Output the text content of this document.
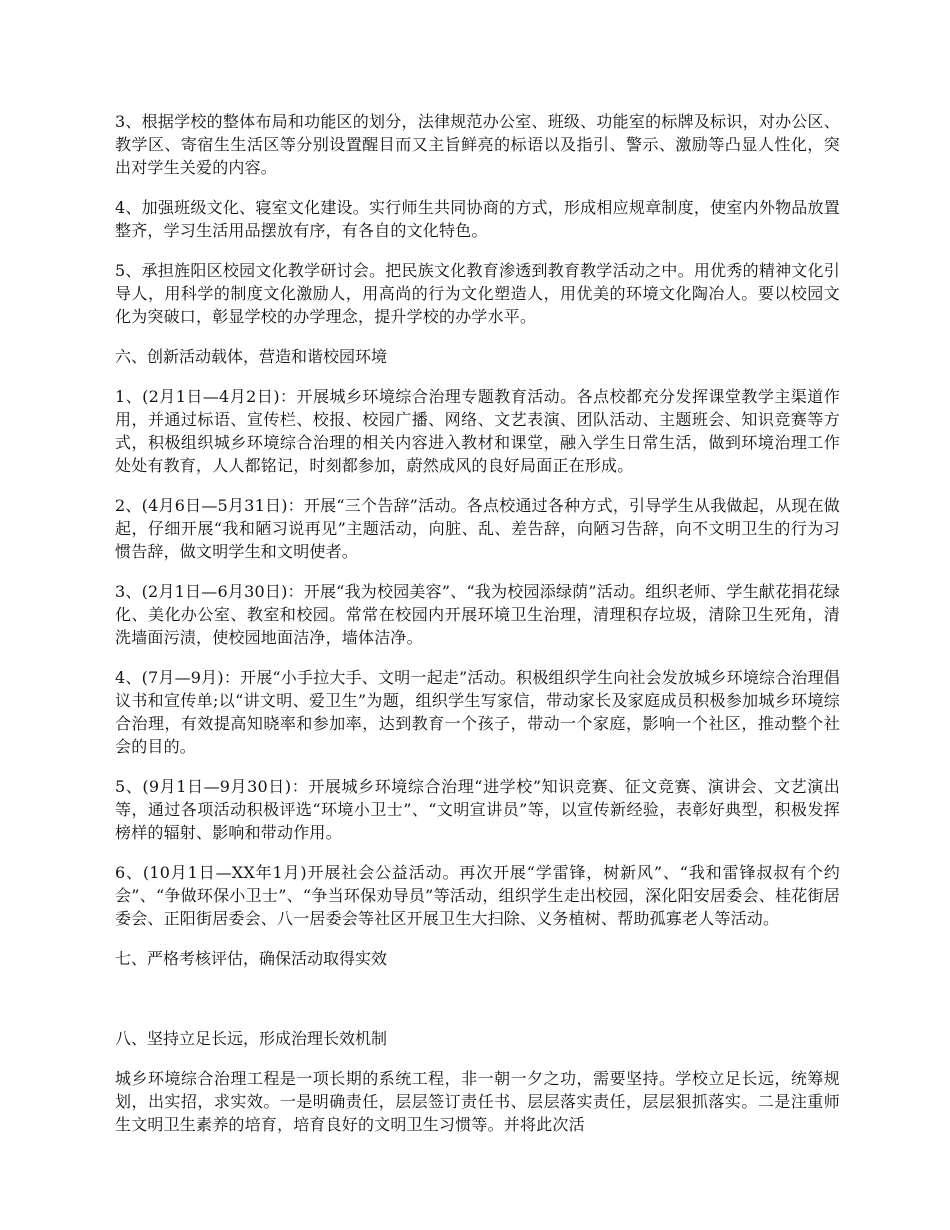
3、根据学校的整体布局和功能区的划分，法律规范办公室、班级、功能室的标牌及标识，对办公区、教学区、寄宿生生活区等分别设置醒目而又主旨鲜亮的标语以及指引、警示、激励等凸显人性化，突出对学生关爱的内容。

4、加强班级文化、寝室文化建设。实行师生共同协商的方式，形成相应规章制度，使室内外物品放置整齐，学习生活用品摆放有序，有各自的文化特色。

5、承担旌阳区校园文化教学研讨会。把民族文化教育渗透到教育教学活动之中。用优秀的精神文化引导人，用科学的制度文化激励人，用高尚的行为文化塑造人，用优美的环境文化陶冶人。要以校园文化为突破口，彰显学校的办学理念，提升学校的办学水平。

六、创新活动载体，营造和谐校园环境

1、(2月1日—4月2日)：开展城乡环境综合治理专题教育活动。各点校都充分发挥课堂教学主渠道作用，并通过标语、宣传栏、校报、校园广播、网络、文艺表演、团队活动、主题班会、知识竞赛等方式，积极组织城乡环境综合治理的相关内容进入教材和课堂，融入学生日常生活，做到环境治理工作处处有教育，人人都铭记，时刻都参加，蔚然成风的良好局面正在形成。

2、(4月6日—5月31日)：开展“三个告辞”活动。各点校通过各种方式，引导学生从我做起，从现在做起，仔细开展“我和陋习说再见”主题活动，向脏、乱、差告辞，向陋习告辞，向不文明卫生的行为习惯告辞，做文明学生和文明使者。

3、(2月1日—6月30日)：开展“我为校园美容”、“我为校园添绿荫”活动。组织老师、学生献花捐花绿化、美化办公室、教室和校园。常常在校园内开展环境卫生治理，清理积存垃圾，清除卫生死角，清洗墙面污渍，使校园地面洁净，墙体洁净。

4、(7月—9月)：开展“小手拉大手、文明一起走”活动。积极组织学生向社会发放城乡环境综合治理倡议书和宣传单;以“讲文明、爱卫生”为题，组织学生写家信，带动家长及家庭成员积极参加城乡环境综合治理，有效提高知晓率和参加率，达到教育一个孩子，带动一个家庭，影响一个社区，推动整个社会的目的。

5、(9月1日—9月30日)：开展城乡环境综合治理“进学校”知识竞赛、征文竞赛、演讲会、文艺演出等，通过各项活动积极评选“环境小卫士”、“文明宣讲员”等，以宣传新经验，表彰好典型，积极发挥榜样的辐射、影响和带动作用。

6、(10月1日—XX年1月)开展社会公益活动。再次开展“学雷锋，树新风”、“我和雷锋叔叔有个约会”、“争做环保小卫士”、“争当环保劝导员”等活动，组织学生走出校园，深化阳安居委会、桂花街居委会、正阳街居委会、八一居委会等社区开展卫生大扫除、义务植树、帮助孤寡老人等活动。

七、严格考核评估，确保活动取得实效

八、坚持立足长远，形成治理长效机制

城乡环境综合治理工程是一项长期的系统工程，非一朝一夕之功，需要坚持。学校立足长远，统筹规划，出实招，求实效。一是明确责任，层层签订责任书、层层落实责任，层层狠抓落实。二是注重师生文明卫生素养的培育，培育良好的文明卫生习惯等。并将此次活
